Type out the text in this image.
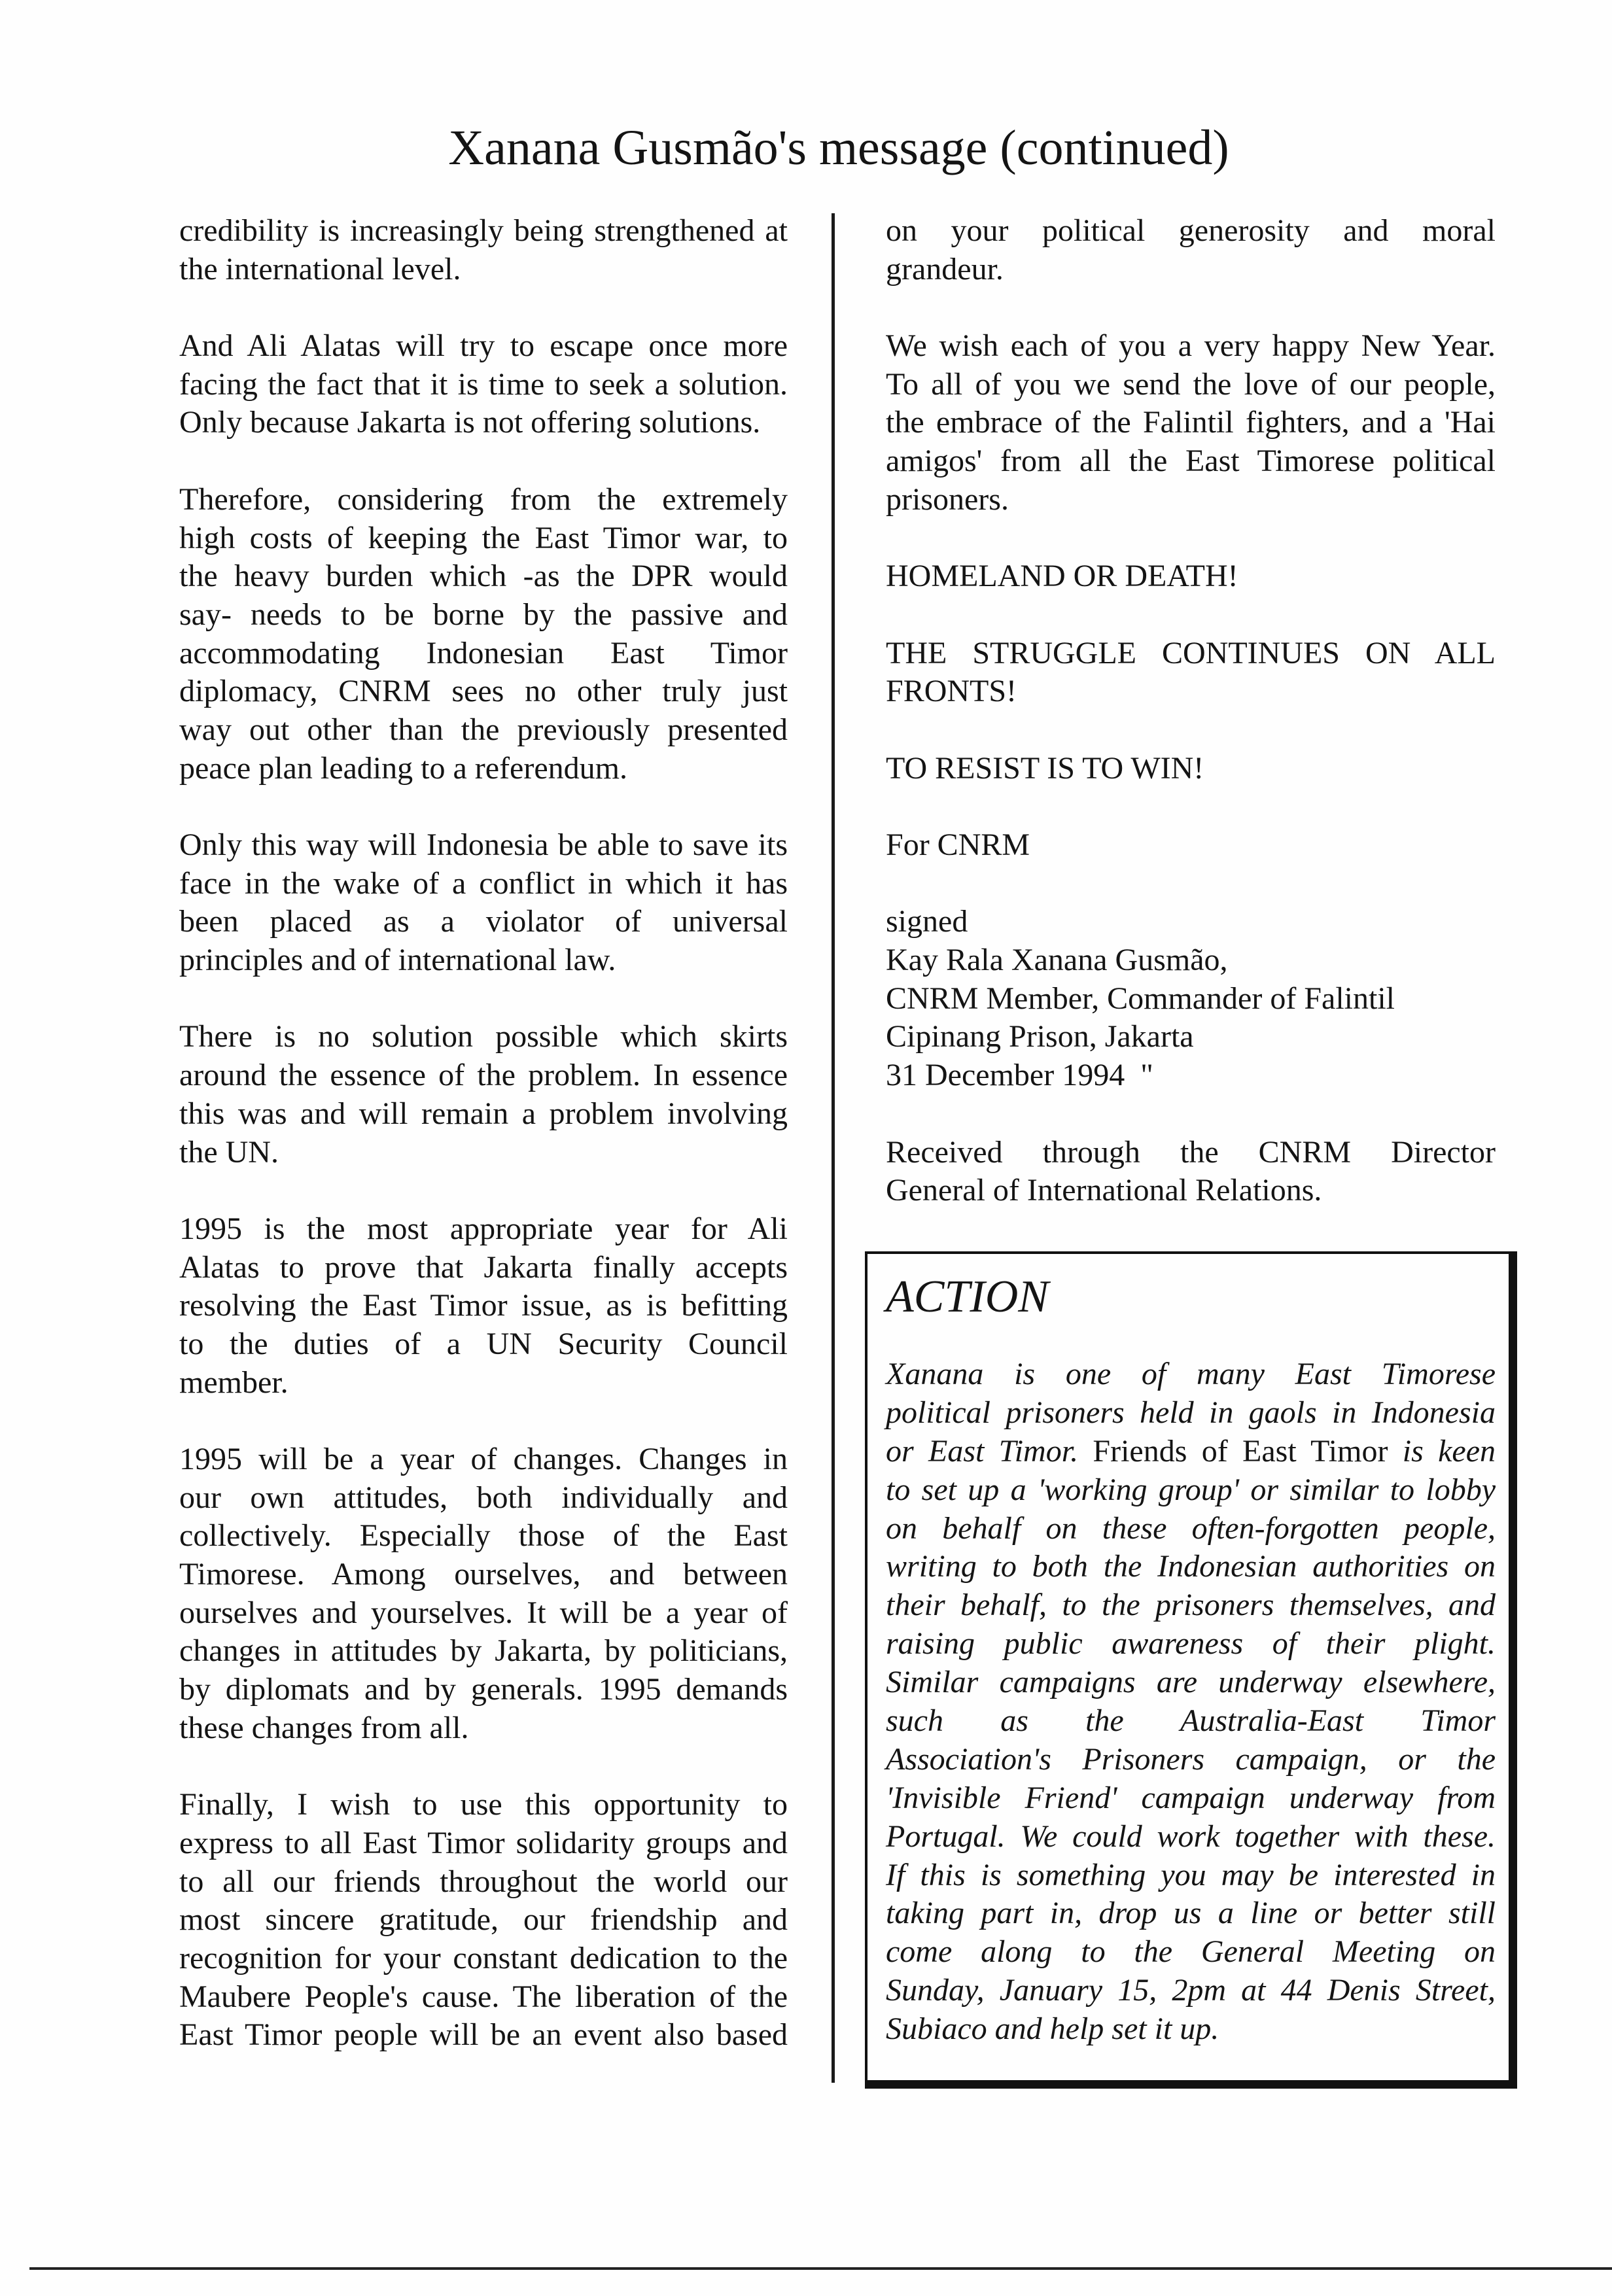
Xanana Gusmão's message (continued)
credibility is increasingly being strengthened at
the international level.
And Ali Alatas will try to escape once more
facing the fact that it is time to seek a solution.
Only because Jakarta is not offering solutions.
Therefore, considering from the extremely
high costs of keeping the East Timor war, to
the heavy burden which -as the DPR would
say- needs to be borne by the passive and
accommodating Indonesian East Timor
diplomacy, CNRM sees no other truly just
way out other than the previously presented
peace plan leading to a referendum.
Only this way will Indonesia be able to save its
face in the wake of a conflict in which it has
been placed as a violator of universal
principles and of international law.
There is no solution possible which skirts
around the essence of the problem. In essence
this was and will remain a problem involving
the UN.
1995 is the most appropriate year for Ali
Alatas to prove that Jakarta finally accepts
resolving the East Timor issue, as is befitting
to the duties of a UN Security Council
member.
1995 will be a year of changes. Changes in
our own attitudes, both individually and
collectively. Especially those of the East
Timorese. Among ourselves, and between
ourselves and yourselves. It will be a year of
changes in attitudes by Jakarta, by politicians,
by diplomats and by generals. 1995 demands
these changes from all.
Finally, I wish to use this opportunity to
express to all East Timor solidarity groups and
to all our friends throughout the world our
most sincere gratitude, our friendship and
recognition for your constant dedication to the
Maubere People's cause. The liberation of the
East Timor people will be an event also based
on your political generosity and moral
grandeur.
We wish each of you a very happy New Year.
To all of you we send the love of our people,
the embrace of the Falintil fighters, and a 'Hai
amigos' from all the East Timorese political
prisoners.
HOMELAND OR DEATH!
THE STRUGGLE CONTINUES ON ALL
FRONTS!
TO RESIST IS TO WIN!
For CNRM
signed
Kay Rala Xanana Gusmão,
CNRM Member, Commander of Falintil
Cipinang Prison, Jakarta
31 December 1994  "
Received through the CNRM Director
General of International Relations.
ACTION
Xanana is one of many East Timorese
political prisoners held in gaols in Indonesia
or East Timor. Friends of East Timor is keen
to set up a 'working group' or similar to lobby
on behalf on these often-forgotten people,
writing to both the Indonesian authorities on
their behalf, to the prisoners themselves, and
raising public awareness of their plight.
Similar campaigns are underway elsewhere,
such as the Australia-East Timor
Association's Prisoners campaign, or the
'Invisible Friend' campaign underway from
Portugal. We could work together with these.
If this is something you may be interested in
taking part in, drop us a line or better still
come along to the General Meeting on
Sunday, January 15, 2pm at 44 Denis Street,
Subiaco and help set it up.
